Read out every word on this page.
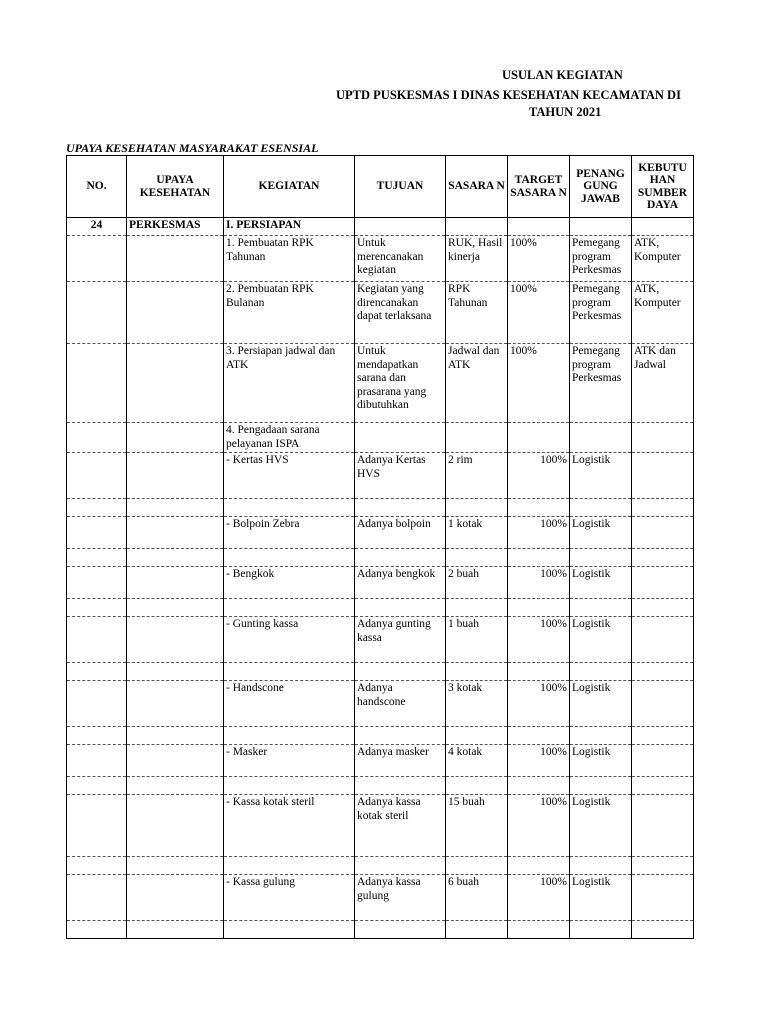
USULAN KEGIATAN
UPTD PUSKESMAS I DINAS KESEHATAN KECAMATAN DI
TAHUN 2021
UPAYA KESEHATAN MASYARAKAT ESENSIAL
NO.	UPAYA KESEHATAN	KEGIATAN	TUJUAN	SASARA N	TARGET SASARA N	PENANG GUNG JAWAB	KEBUTU HAN SUMBER DAYA
24	PERKESMAS	I. PERSIAPAN					
		1. Pembuatan RPK Tahunan	Untuk merencanakan kegiatan	RUK, Hasil kinerja	100%	Pemegang program Perkesmas	ATK, Komputer
		2. Pembuatan RPK Bulanan	Kegiatan yang direncanakan dapat terlaksana	RPK Tahunan	100%	Pemegang program Perkesmas	ATK, Komputer
		3. Persiapan jadwal dan ATK	Untuk mendapatkan sarana dan prasarana yang dibutuhkan	Jadwal dan ATK	100%	Pemegang program Perkesmas	ATK dan Jadwal
		4. Pengadaan sarana pelayanan ISPA					
		- Kertas HVS	Adanya Kertas HVS	2 rim	100%	Logistik	

		- Bolpoin Zebra	Adanya bolpoin	1 kotak	100%	Logistik	

		- Bengkok	Adanya bengkok	2 buah	100%	Logistik	

		- Gunting kassa	Adanya gunting kassa	1 buah	100%	Logistik	

		- Handscone	Adanya handscone	3 kotak	100%	Logistik	

		- Masker	Adanya masker	4 kotak	100%	Logistik	

		- Kassa kotak steril	Adanya kassa kotak steril	15 buah	100%	Logistik	

		- Kassa gulung	Adanya kassa gulung	6 buah	100%	Logistik	
